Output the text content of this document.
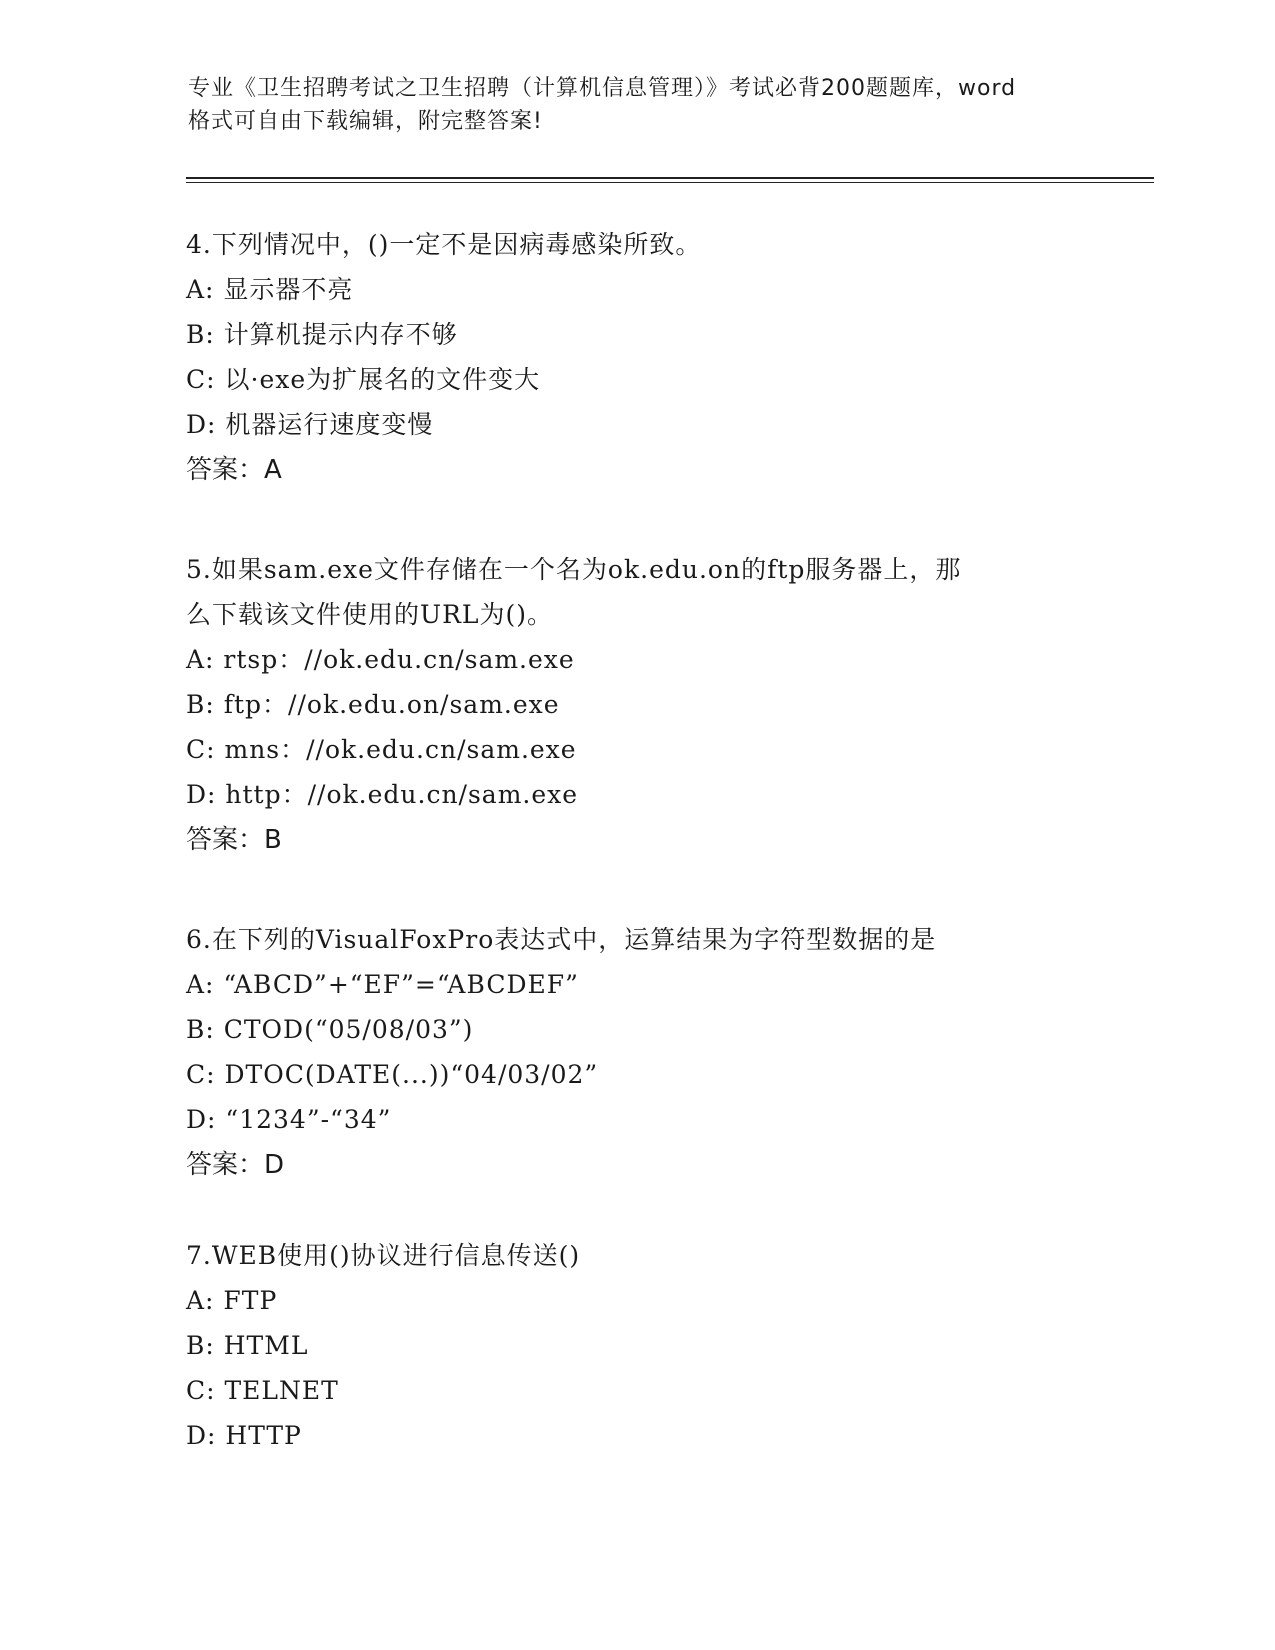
专业《卫生招聘考试之卫生招聘（计算机信息管理）》考试必背200题题库，word
格式可自由下载编辑，附完整答案!
4.下列情况中，()一定不是因病毒感染所致。
A: 显示器不亮
B: 计算机提示内存不够
C: 以·exe为扩展名的文件变大
D: 机器运行速度变慢
答案：A
5.如果sam.exe文件存储在一个名为ok.edu.on的ftp服务器上，那
么下载该文件使用的URL为()。
A: rtsp：//ok.edu.cn/sam.exe
B: ftp：//ok.edu.on/sam.exe
C: mns：//ok.edu.cn/sam.exe
D: http：//ok.edu.cn/sam.exe
答案：B
6.在下列的VisualFoxPro表达式中，运算结果为字符型数据的是
A: “ABCD”+“EF”=“ABCDEF”
B: CTOD(“05/08/03”)
C: DTOC(DATE(...))“04/03/02”
D: “1234”-“34”
答案：D
7.WEB使用()协议进行信息传送()
A: FTP
B: HTML
C: TELNET
D: HTTP
